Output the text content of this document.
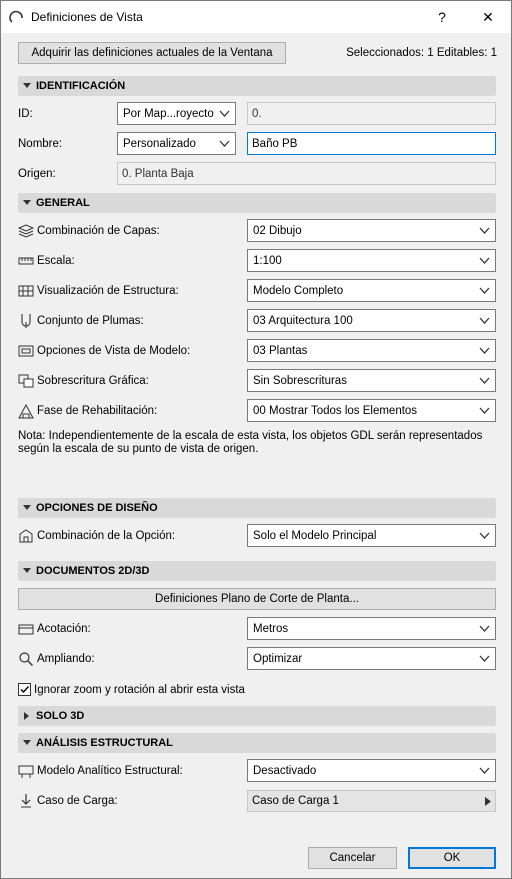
Definiciones de Vista	?	✕
Adquirir las definiciones actuales de la Ventana	Seleccionados: 1 Editables: 1
IDENTIFICACIÓN
ID:	Por Map...royecto	0.
Nombre:	Personalizado	Baño PB
Origen:	0. Planta Baja
GENERAL
Combinación de Capas:	02 Dibujo
Escala:	1:100
Visualización de Estructura:	Modelo Completo
Conjunto de Plumas:	03 Arquitectura 100
Opciones de Vista de Modelo:	03 Plantas
Sobrescritura Gráfica:	Sin Sobrescrituras
Fase de Rehabilitación:	00 Mostrar Todos los Elementos
Nota: Independientemente de la escala de esta vista, los objetos GDL serán representados según la escala de su punto de vista de origen.
OPCIONES DE DISEÑO
Combinación de la Opción:	Solo el Modelo Principal
DOCUMENTOS 2D/3D
Definiciones Plano de Corte de Planta...
Acotación:	Metros
Ampliando:	Optimizar
Ignorar zoom y rotación al abrir esta vista
SOLO 3D
ANÁLISIS ESTRUCTURAL
Modelo Analítico Estructural:	Desactivado
Caso de Carga:	Caso de Carga 1
Cancelar	OK
